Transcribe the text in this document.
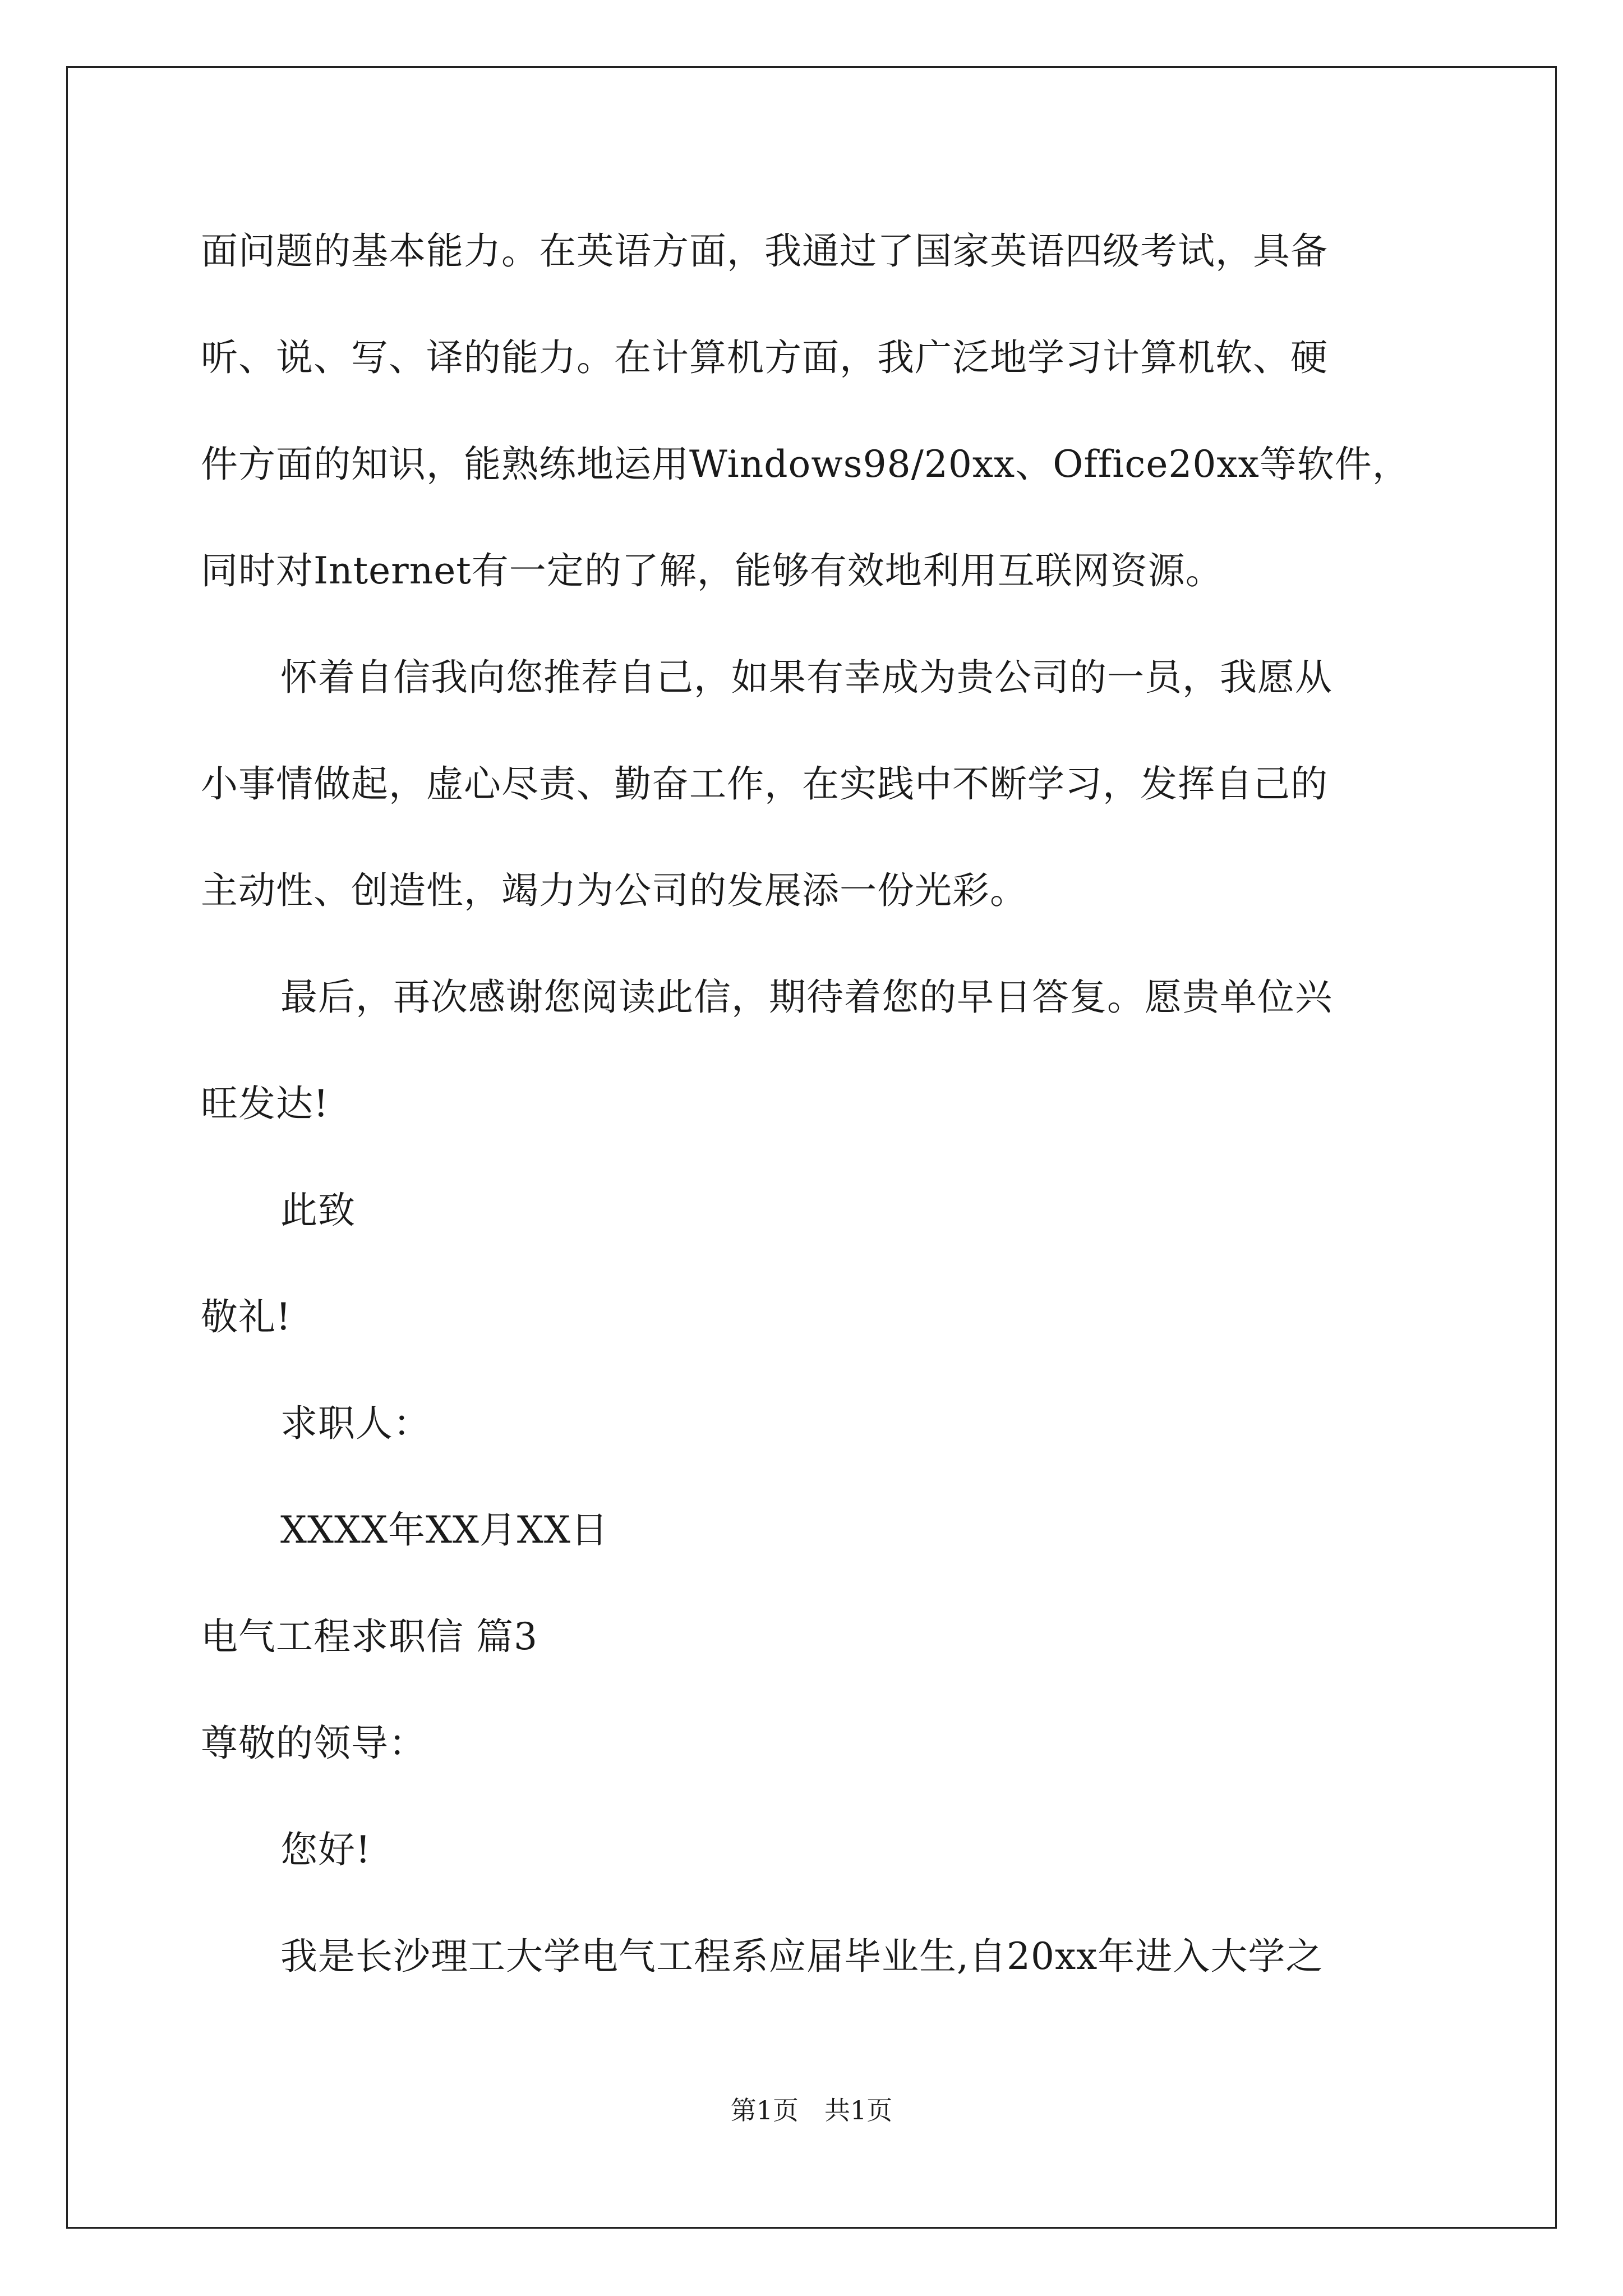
面问题的基本能力。在英语方面，我通过了国家英语四级考试，具备
听、说、写、译的能力。在计算机方面，我广泛地学习计算机软、硬
件方面的知识，能熟练地运用Windows98/20xx、Office20xx等软件，
同时对Internet有一定的了解，能够有效地利用互联网资源。
怀着自信我向您推荐自己，如果有幸成为贵公司的一员，我愿从
小事情做起，虚心尽责、勤奋工作，在实践中不断学习，发挥自己的
主动性、创造性，竭力为公司的发展添一份光彩。
最后，再次感谢您阅读此信，期待着您的早日答复。愿贵单位兴
旺发达!
此致
敬礼!
求职人：
XXXX年XX月XX日
电气工程求职信 篇3
尊敬的领导：
您好!
我是长沙理工大学电气工程系应届毕业生,自20xx年进入大学之
第1页　共1页
